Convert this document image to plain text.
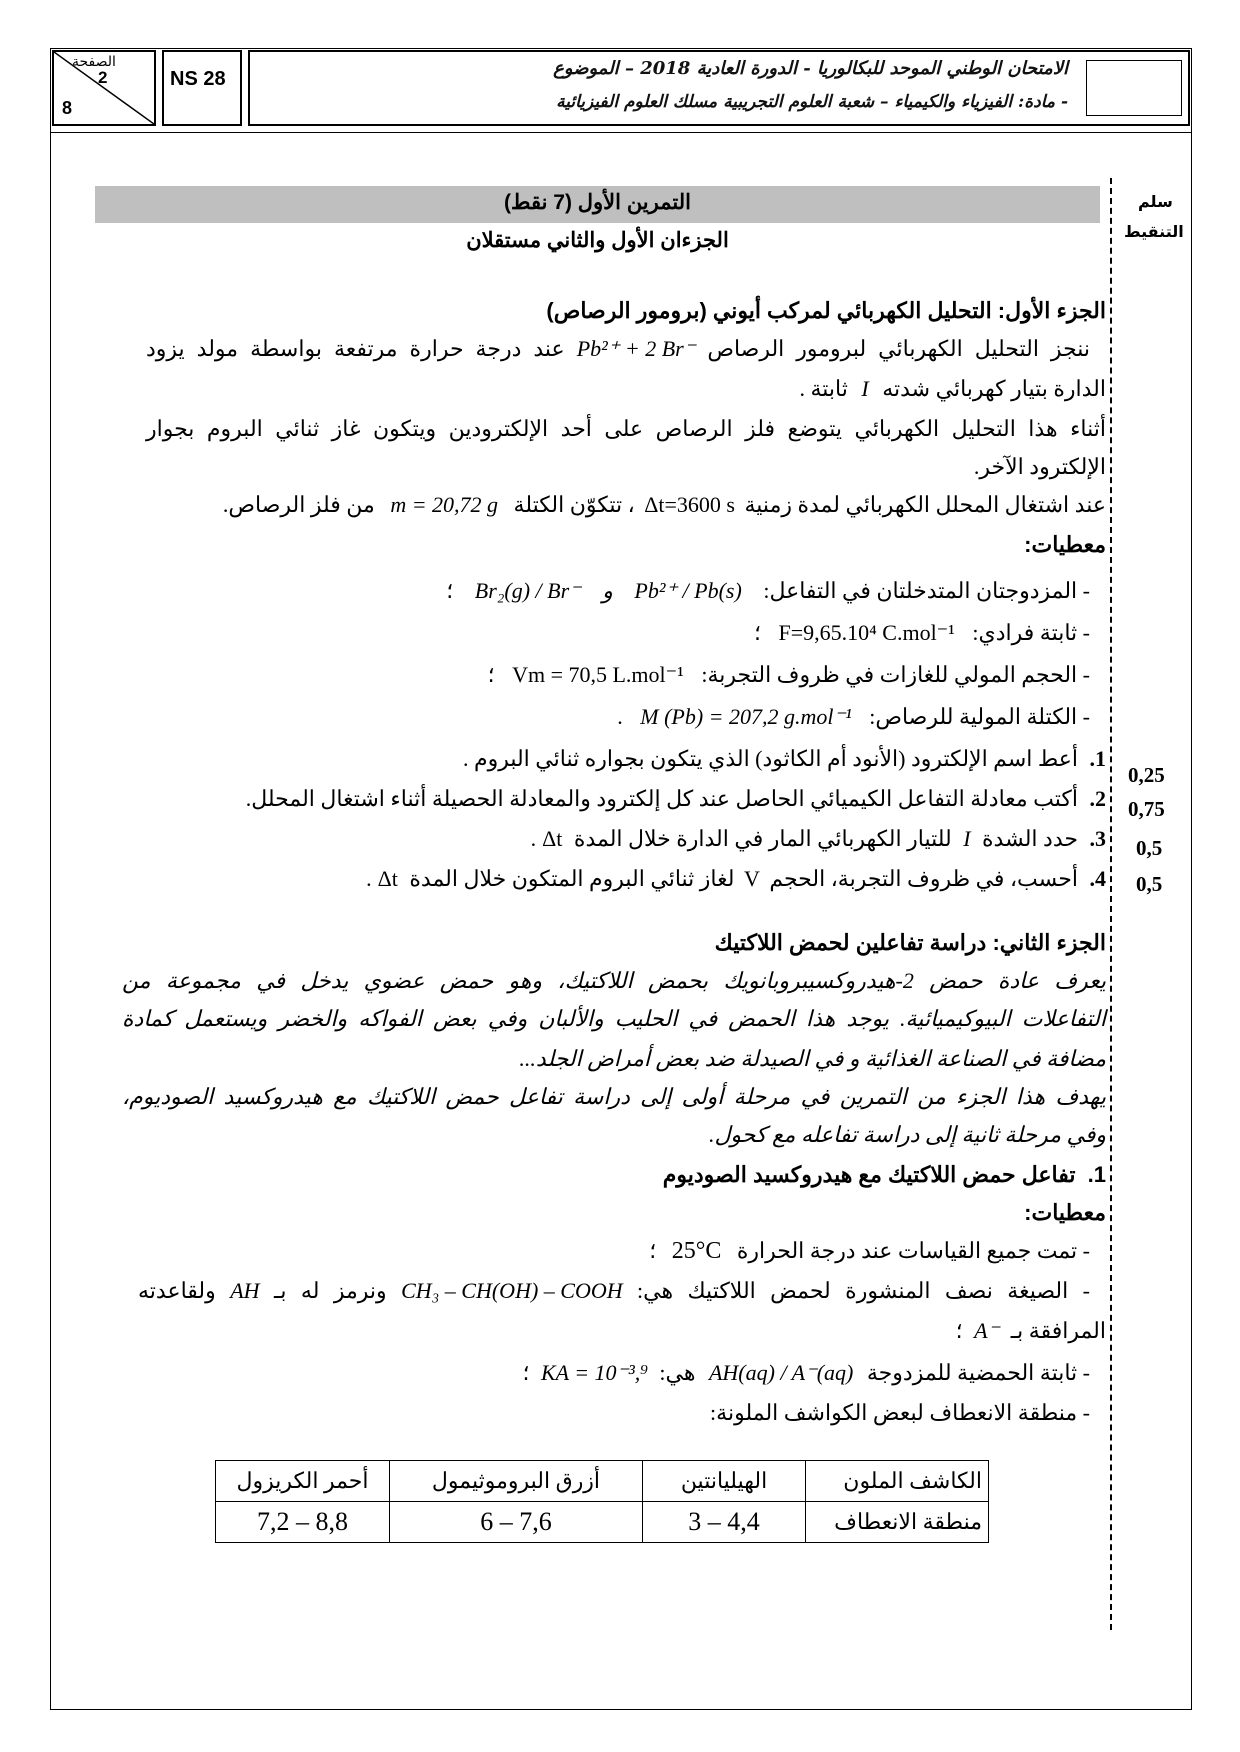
الصفحة
2
8
NS 28	الامتحان الوطني الموحد للبكالوريا - الدورة العادية 2018 – الموضوع
- مادة: الفيزياء والكيمياء – شعبة العلوم التجريبية مسلك العلوم الفيزيائية
سلم
التنقيط
التمرين الأول (7 نقط)
الجزءان الأول والثاني مستقلان
الجزء الأول: التحليل الكهربائي لمركب أيوني (برومور الرصاص)
ننجز التحليل الكهربائي لبرومور الرصاص Pb²⁺ + 2 Br⁻ عند درجة حرارة مرتفعة بواسطة مولد يزود
الدارة بتيار كهربائي شدته I ثابتة .
أثناء هذا التحليل الكهربائي يتوضع فلز الرصاص على أحد الإلكترودين ويتكون غاز ثنائي البروم بجوار
الإلكترود الآخر.
عند اشتغال المحلل الكهربائي لمدة زمنية Δt=3600 s ، تتكوّن الكتلة m = 20,72 g من فلز الرصاص.
معطيات:
- المزدوجتان المتدخلتان في التفاعل: Pb²⁺ / Pb(s) و Br₂(g) / Br⁻ ؛
- ثابتة فرادي: F=9,65.10⁴ C.mol⁻¹ ؛
- الحجم المولي للغازات في ظروف التجربة: Vm = 70,5 L.mol⁻¹ ؛
- الكتلة المولية للرصاص: M (Pb) = 207,2 g.mol⁻¹ .
1. أعط اسم الإلكترود (الأنود أم الكاثود) الذي يتكون بجواره ثنائي البروم .
2. أكتب معادلة التفاعل الكيميائي الحاصل عند كل إلكترود والمعادلة الحصيلة أثناء اشتغال المحلل.
3. حدد الشدة I للتيار الكهربائي المار في الدارة خلال المدة Δt.
4. أحسب، في ظروف التجربة، الحجم V لغاز ثنائي البروم المتكون خلال المدة Δt.
0,25
0,75
0,5
0,5
الجزء الثاني: دراسة تفاعلين لحمض اللاكتيك
يعرف عادة حمض 2-هيدروكسيبروبانويك بحمض اللاكتيك، وهو حمض عضوي يدخل في مجموعة من
التفاعلات البيوكيميائية. يوجد هذا الحمض في الحليب والألبان وفي بعض الفواكه والخضر ويستعمل كمادة
مضافة في الصناعة الغذائية و في الصيدلة ضد بعض أمراض الجلد...
يهدف هذا الجزء من التمرين في مرحلة أولى إلى دراسة تفاعل حمض اللاكتيك مع هيدروكسيد الصوديوم،
وفي مرحلة ثانية إلى دراسة تفاعله مع كحول.
1. تفاعل حمض اللاكتيك مع هيدروكسيد الصوديوم
معطيات:
- تمت جميع القياسات عند درجة الحرارة 25°C ؛
- الصيغة نصف المنشورة لحمض اللاكتيك هي: CH₃ – CH(OH) – COOH ونرمز له بـ AH ولقاعدته
المرافقة بـ A⁻ ؛
- ثابتة الحمضية للمزدوجة AH(aq) / A⁻(aq) هي: KA = 10⁻³,⁹ ؛
- منطقة الانعطاف لبعض الكواشف الملونة:
الكاشف الملون	الهيليانتين	أزرق البروموثيمول	أحمر الكريزول
منطقة الانعطاف	3 – 4,4	6 – 7,6	7,2 – 8,8
